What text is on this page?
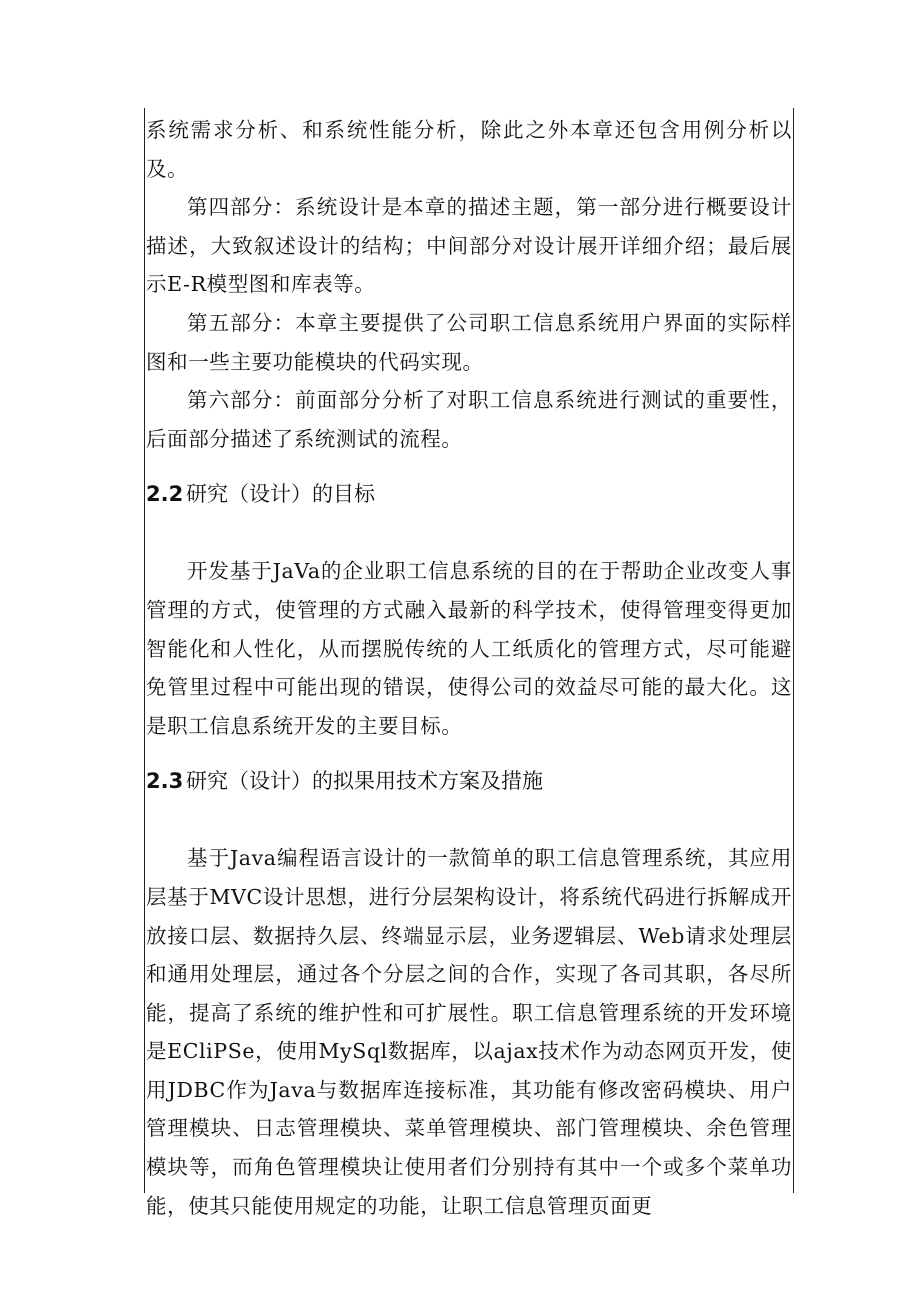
系统需求分析、和系统性能分析，除此之外本章还包含用例分析以及。

第四部分：系统设计是本章的描述主题，第一部分进行概要设计描述，大致叙述设计的结构；中间部分对设计展开详细介绍；最后展示E-R模型图和库表等。

第五部分：本章主要提供了公司职工信息系统用户界面的实际样图和一些主要功能模块的代码实现。

第六部分：前面部分分析了对职工信息系统进行测试的重要性，后面部分描述了系统测试的流程。

2.2 研究（设计）的目标

开发基于JaVa的企业职工信息系统的目的在于帮助企业改变人事管理的方式，使管理的方式融入最新的科学技术，使得管理变得更加智能化和人性化，从而摆脱传统的人工纸质化的管理方式，尽可能避免管里过程中可能出现的错误，使得公司的效益尽可能的最大化。这是职工信息系统开发的主要目标。

2.3 研究（设计）的拟果用技术方案及措施

基于Java编程语言设计的一款简单的职工信息管理系统，其应用层基于MVC设计思想，进行分层架构设计，将系统代码进行拆解成开放接口层、数据持久层、终端显示层，业务逻辑层、Web请求处理层和通用处理层，通过各个分层之间的合作，实现了各司其职，各尽所能，提高了系统的维护性和可扩展性。职工信息管理系统的开发环境是ECliPSe，使用MySql数据库，以ajax技术作为动态网页开发，使用JDBC作为Java与数据库连接标准，其功能有修改密码模块、用户管理模块、日志管理模块、菜单管理模块、部门管理模块、余色管理模块等，而角色管理模块让使用者们分别持有其中一个或多个菜单功能，使其只能使用规定的功能，让职工信息管理页面更
